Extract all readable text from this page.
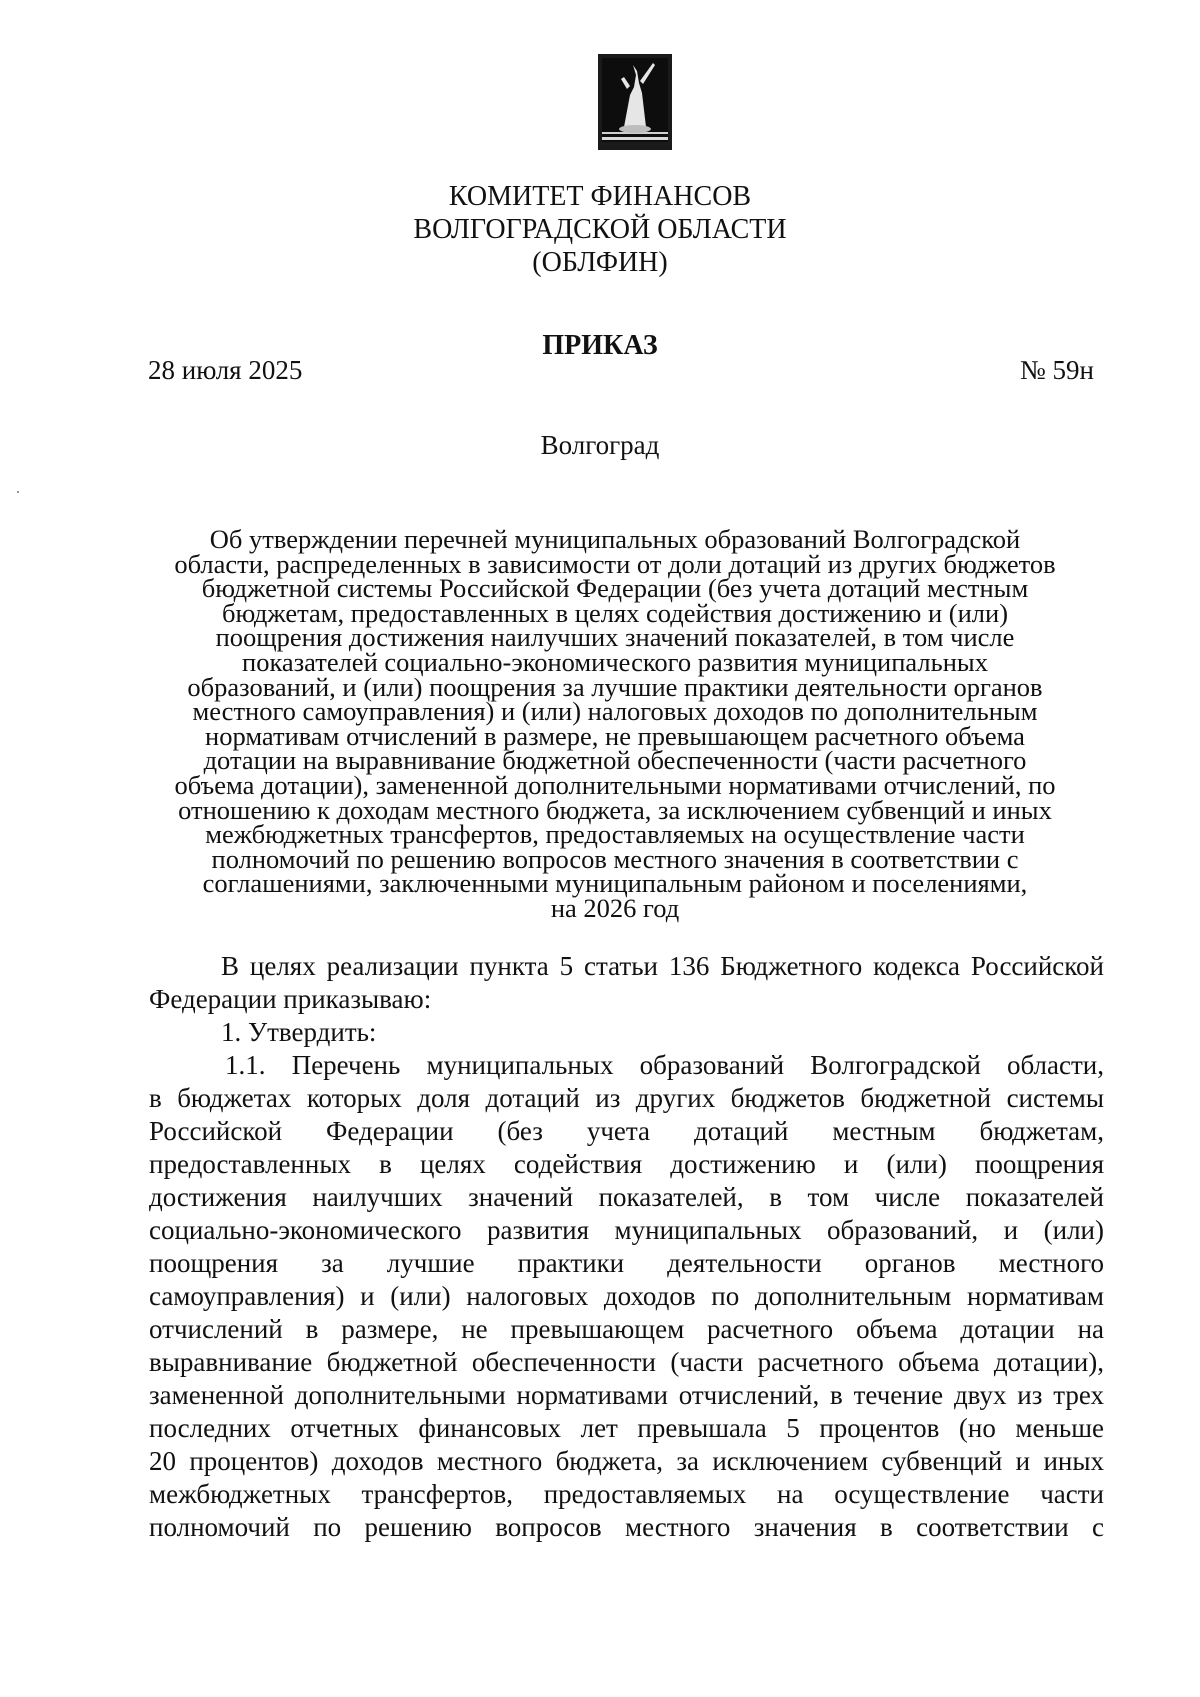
КОМИТЕТ ФИНАНСОВ
ВОЛГОГРАДСКОЙ ОБЛАСТИ
(ОБЛФИН)
ПРИКАЗ
28 июля 2025	№ 59н
Волгоград
Об утверждении перечней муниципальных образований Волгоградской
области, распределенных в зависимости от доли дотаций из других бюджетов
бюджетной системы Российской Федерации (без учета дотаций местным
бюджетам, предоставленных в целях содействия достижению и (или)
поощрения достижения наилучших значений показателей, в том числе
показателей социально-экономического развития муниципальных
образований, и (или) поощрения за лучшие практики деятельности органов
местного самоуправления) и (или) налоговых доходов по дополнительным
нормативам отчислений в размере, не превышающем расчетного объема
дотации на выравнивание бюджетной обеспеченности (части расчетного
объема дотации), замененной дополнительными нормативами отчислений, по
отношению к доходам местного бюджета, за исключением субвенций и иных
межбюджетных трансфертов, предоставляемых на осуществление части
полномочий по решению вопросов местного значения в соответствии с
соглашениями, заключенными муниципальным районом и поселениями,
на 2026 год
В целях реализации пункта 5 статьи 136 Бюджетного кодекса Российской
Федерации приказываю:
1. Утвердить:
1.1. Перечень муниципальных образований Волгоградской области,
в бюджетах которых доля дотаций из других бюджетов бюджетной системы
Российской Федерации (без учета дотаций местным бюджетам,
предоставленных в целях содействия достижению и (или) поощрения
достижения наилучших значений показателей, в том числе показателей
социально-экономического развития муниципальных образований, и (или)
поощрения за лучшие практики деятельности органов местного
самоуправления) и (или) налоговых доходов по дополнительным нормативам
отчислений в размере, не превышающем расчетного объема дотации на
выравнивание бюджетной обеспеченности (части расчетного объема дотации),
замененной дополнительными нормативами отчислений, в течение двух из трех
последних отчетных финансовых лет превышала 5 процентов (но меньше
20 процентов) доходов местного бюджета, за исключением субвенций и иных
межбюджетных трансфертов, предоставляемых на осуществление части
полномочий по решению вопросов местного значения в соответствии с
